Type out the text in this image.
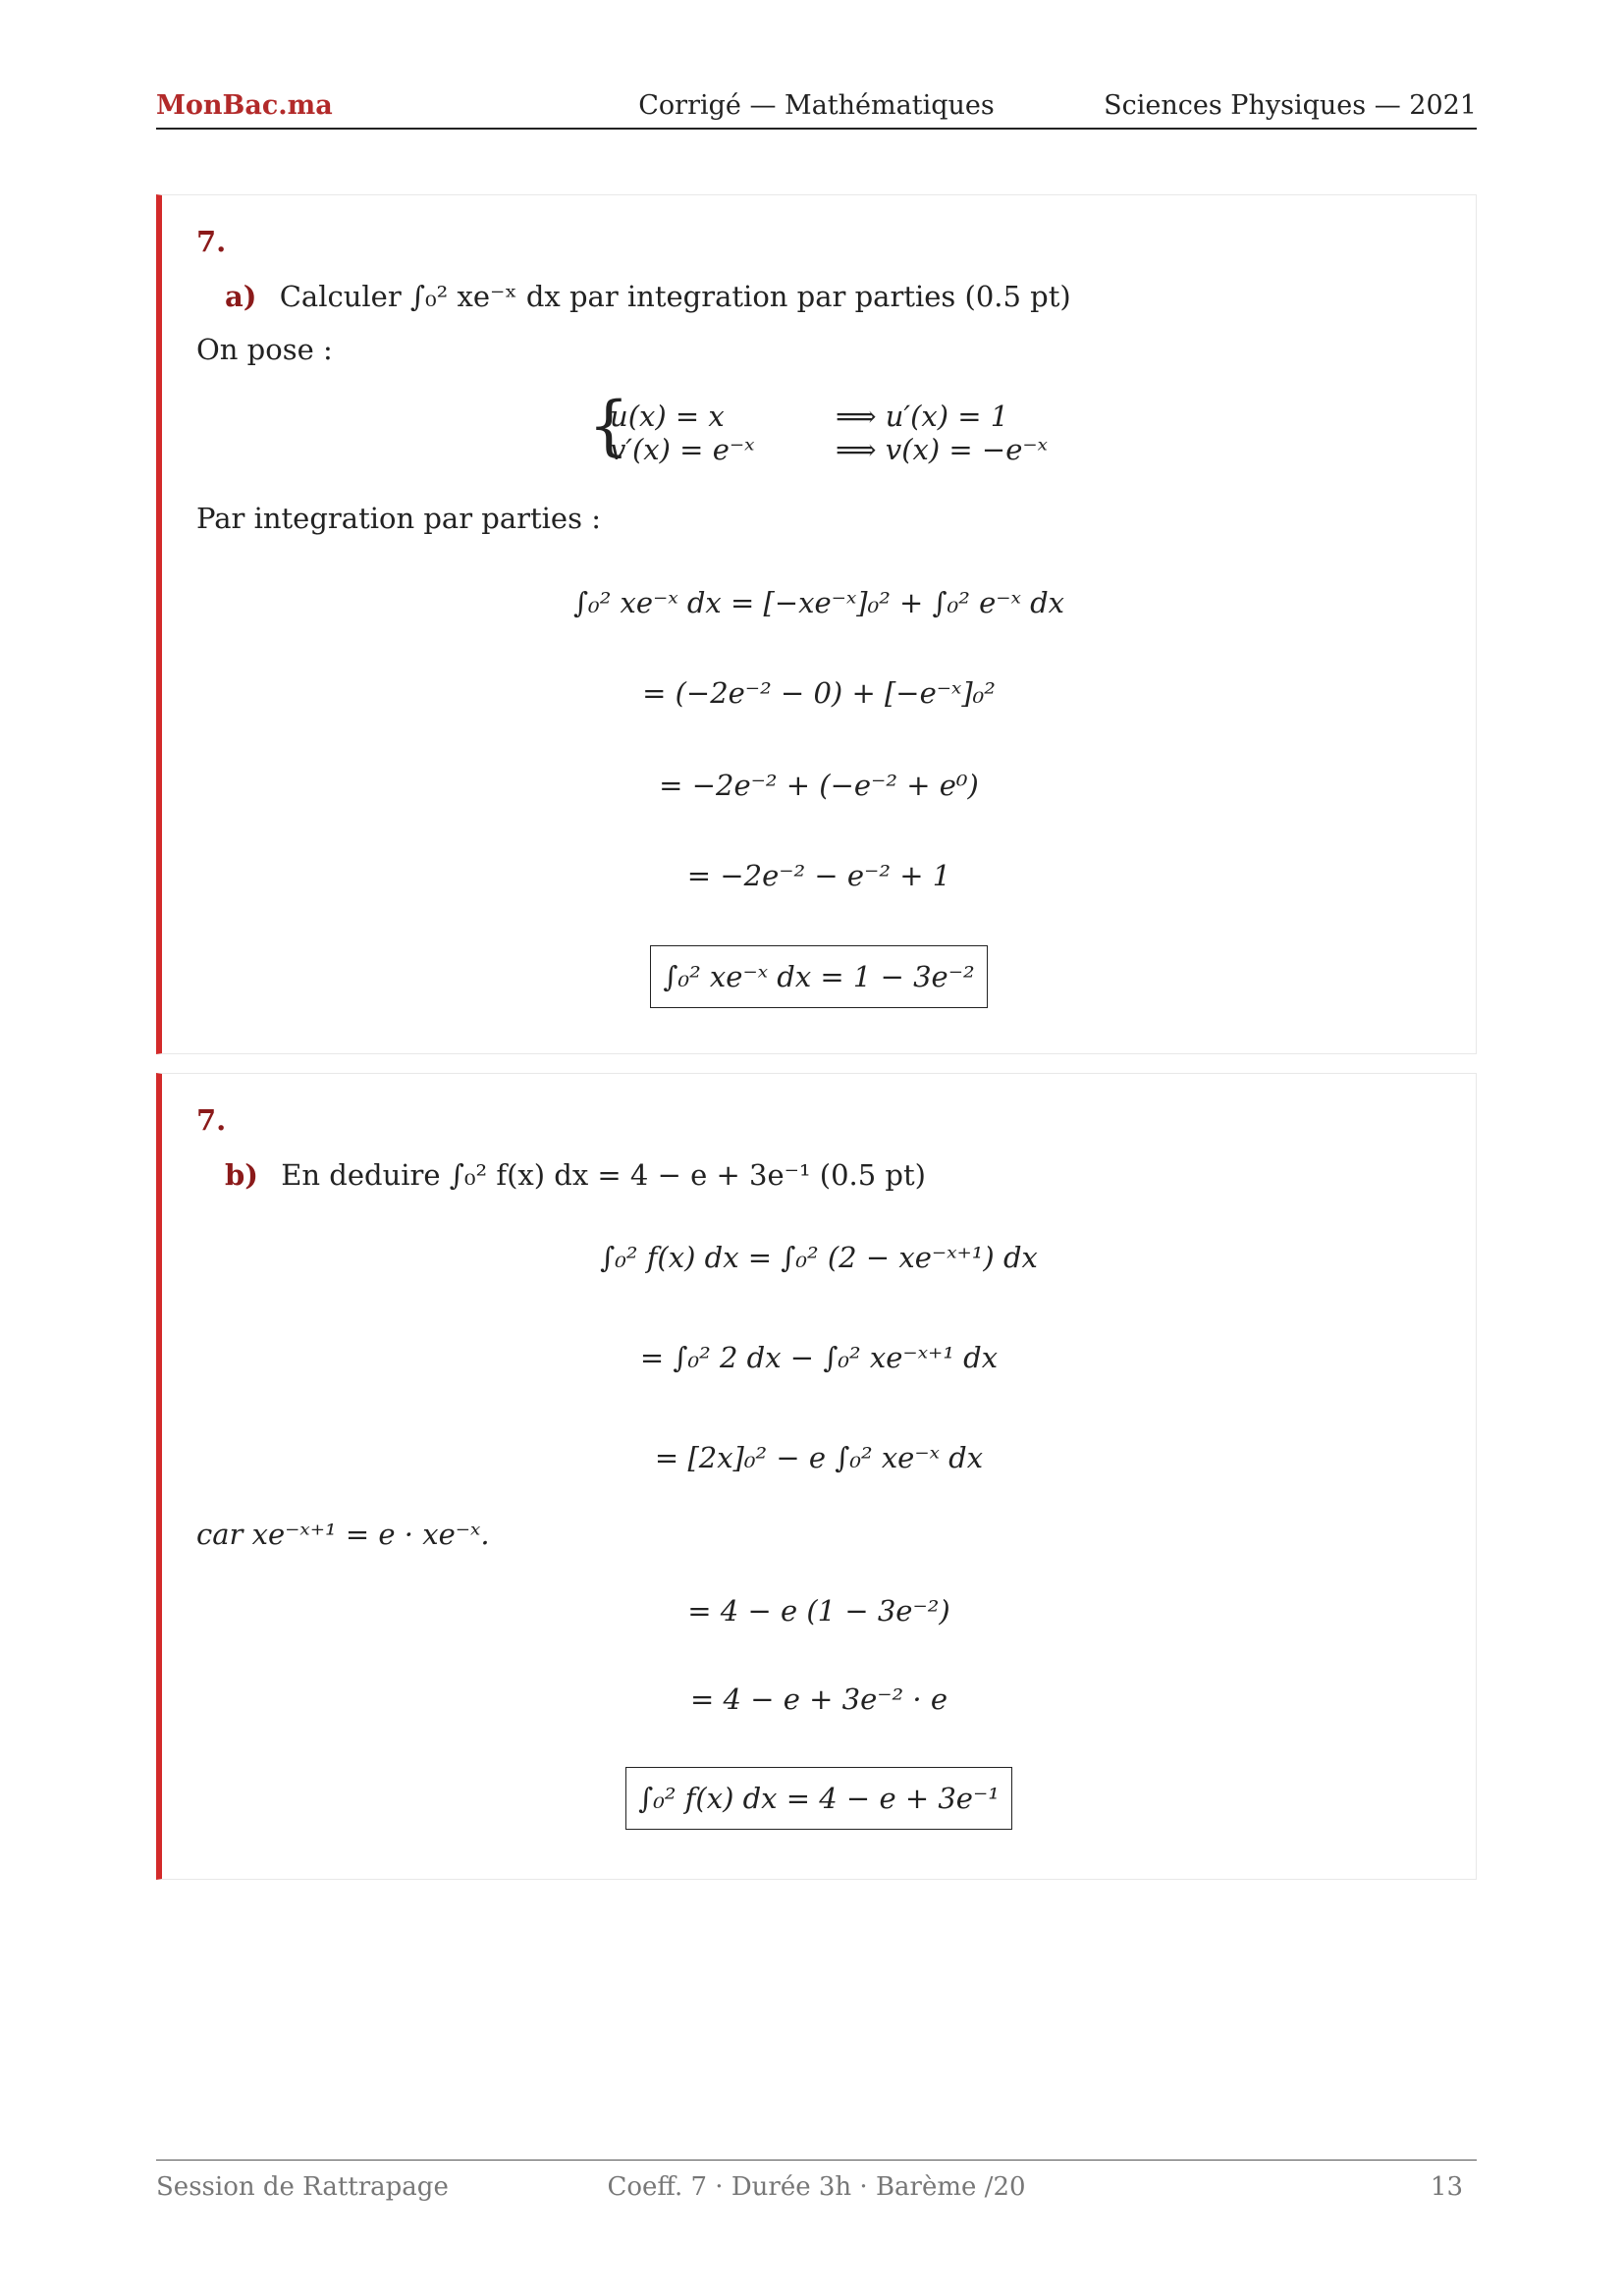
MonBac.ma	Corrigé — Mathématiques	Sciences Physiques — 2021
7.
a) Calculer ∫₀² xe⁻ˣ dx par integration par parties (0.5 pt)
On pose :
{ u(x) = x	⟹ u′(x) = 1
v′(x) = e⁻ˣ	⟹ v(x) = −e⁻ˣ
Par integration par parties :
∫₀² xe⁻ˣ dx = [−xe⁻ˣ]₀² + ∫₀² e⁻ˣ dx
= (−2e⁻² − 0) + [−e⁻ˣ]₀²
= −2e⁻² + (−e⁻² + e⁰)
= −2e⁻² − e⁻² + 1
∫₀² xe⁻ˣ dx = 1 − 3e⁻²
7.
b) En deduire ∫₀² f(x) dx = 4 − e + 3e⁻¹ (0.5 pt)
∫₀² f(x) dx = ∫₀² (2 − xe⁻ˣ⁺¹) dx
= ∫₀² 2 dx − ∫₀² xe⁻ˣ⁺¹ dx
= [2x]₀² − e ∫₀² xe⁻ˣ dx
car xe⁻ˣ⁺¹ = e · xe⁻ˣ.
= 4 − e (1 − 3e⁻²)
= 4 − e + 3e⁻² · e
∫₀² f(x) dx = 4 − e + 3e⁻¹
Session de Rattrapage	Coeff. 7 · Durée 3h · Barème /20	13
